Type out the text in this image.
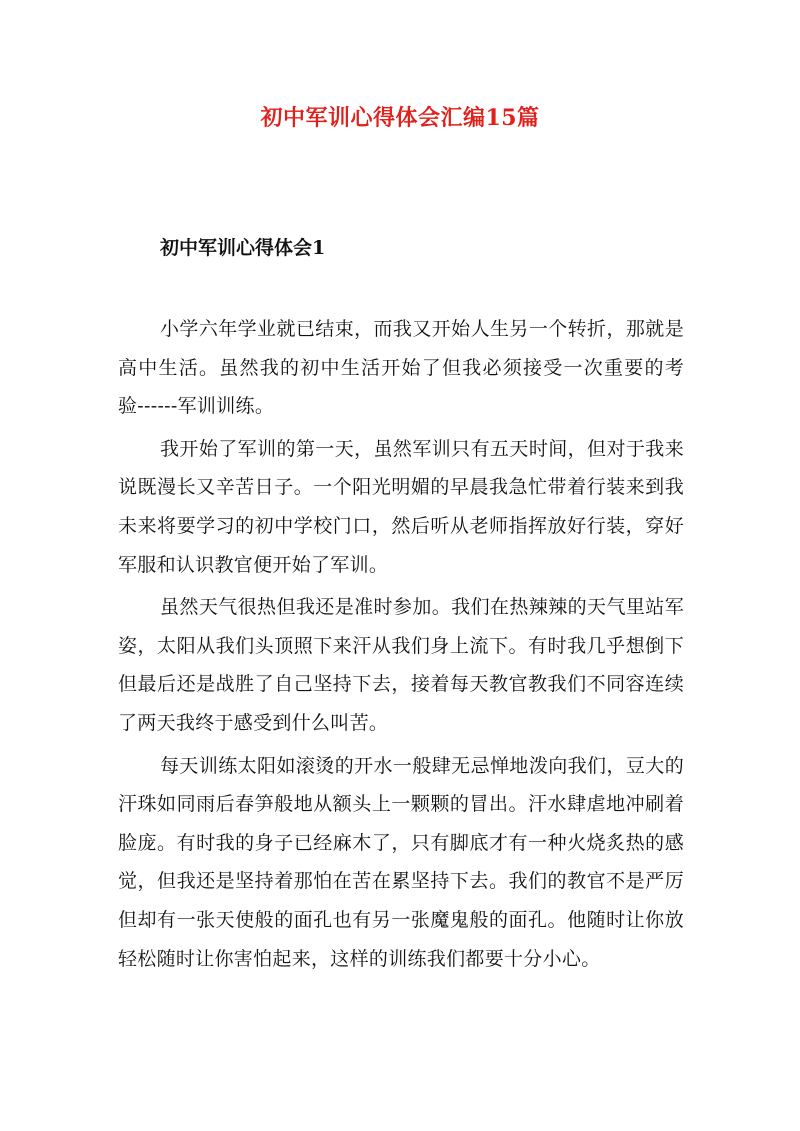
初中军训心得体会汇编15篇
初中军训心得体会1

小学六年学业就已结束，而我又开始人生另一个转折，那就是高中生活。虽然我的初中生活开始了但我必须接受一次重要的考验------军训训练。

我开始了军训的第一天，虽然军训只有五天时间，但对于我来说既漫长又辛苦日子。一个阳光明媚的早晨我急忙带着行装来到我未来将要学习的初中学校门口，然后听从老师指挥放好行装，穿好军服和认识教官便开始了军训。

虽然天气很热但我还是准时参加。我们在热辣辣的天气里站军姿，太阳从我们头顶照下来汗从我们身上流下。有时我几乎想倒下但最后还是战胜了自己坚持下去，接着每天教官教我们不同容连续了两天我终于感受到什么叫苦。

每天训练太阳如滚烫的开水一般肆无忌惮地泼向我们，豆大的汗珠如同雨后春笋般地从额头上一颗颗的冒出。汗水肆虐地冲刷着脸庞。有时我的身子已经麻木了，只有脚底才有一种火烧炙热的感觉，但我还是坚持着那怕在苦在累坚持下去。我们的教官不是严厉但却有一张天使般的面孔也有另一张魔鬼般的面孔。他随时让你放轻松随时让你害怕起来，这样的训练我们都要十分小心。
